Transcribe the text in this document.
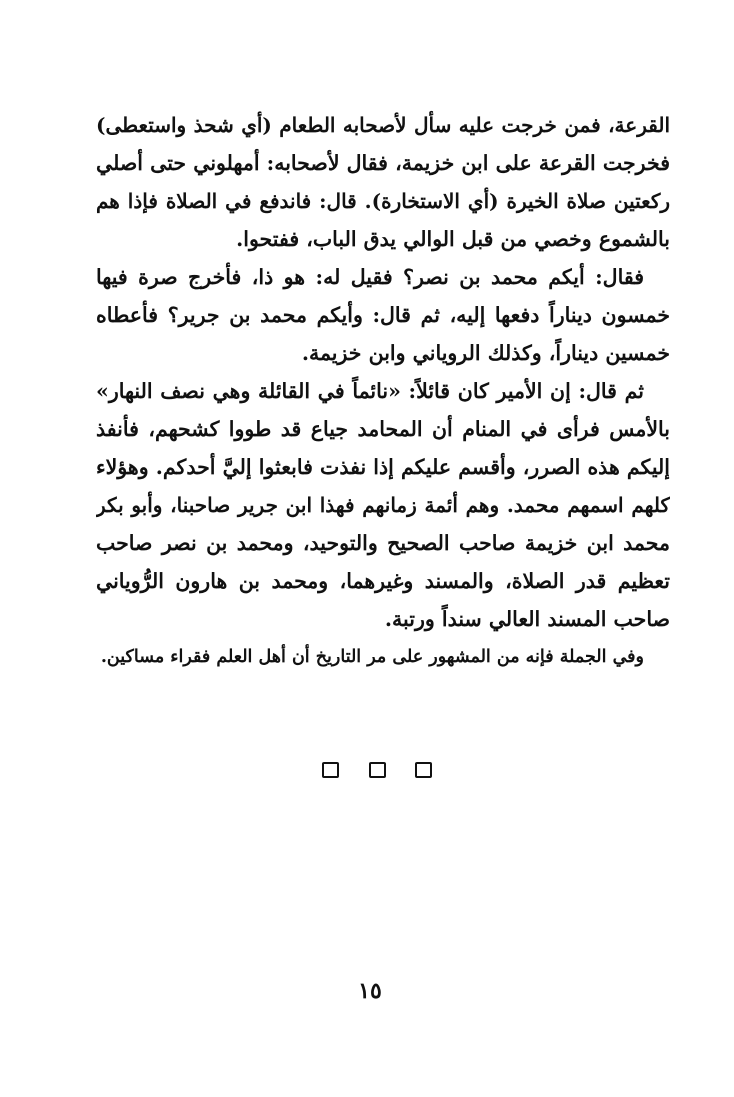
القرعة، فمن خرجت عليه سأل لأصحابه الطعام (أي شحذ واستعطى)
فخرجت القرعة على ابن خزيمة، فقال لأصحابه: أمهلوني حتى أصلي
ركعتين صلاة الخيرة (أي الاستخارة). قال: فاندفع في الصلاة فإذا هم
بالشموع وخصي من قبل الوالي يدق الباب، ففتحوا.
فقال: أيكم محمد بن نصر؟ فقيل له: هو ذا، فأخرج صرة فيها
خمسون ديناراً دفعها إليه، ثم قال: وأيكم محمد بن جرير؟ فأعطاه
خمسين ديناراً، وكذلك الروياني وابن خزيمة.
ثم قال: إن الأمير كان قائلاً: «نائماً في القائلة وهي نصف النهار»
بالأمس فرأى في المنام أن المحامد جياع قد طووا كشحهم، فأنفذ
إليكم هذه الصرر، وأقسم عليكم إذا نفذت فابعثوا إليَّ أحدكم. وهؤلاء
كلهم اسمهم محمد. وهم أئمة زمانهم فهذا ابن جرير صاحبنا، وأبو بكر
محمد ابن خزيمة صاحب الصحيح والتوحيد، ومحمد بن نصر صاحب
تعظيم قدر الصلاة، والمسند وغيرهما، ومحمد بن هارون الرُّوياني
صاحب المسند العالي سنداً ورتبة.
وفي الجملة فإنه من المشهور على مر التاريخ أن أهل العلم فقراء مساكين.
١٥
